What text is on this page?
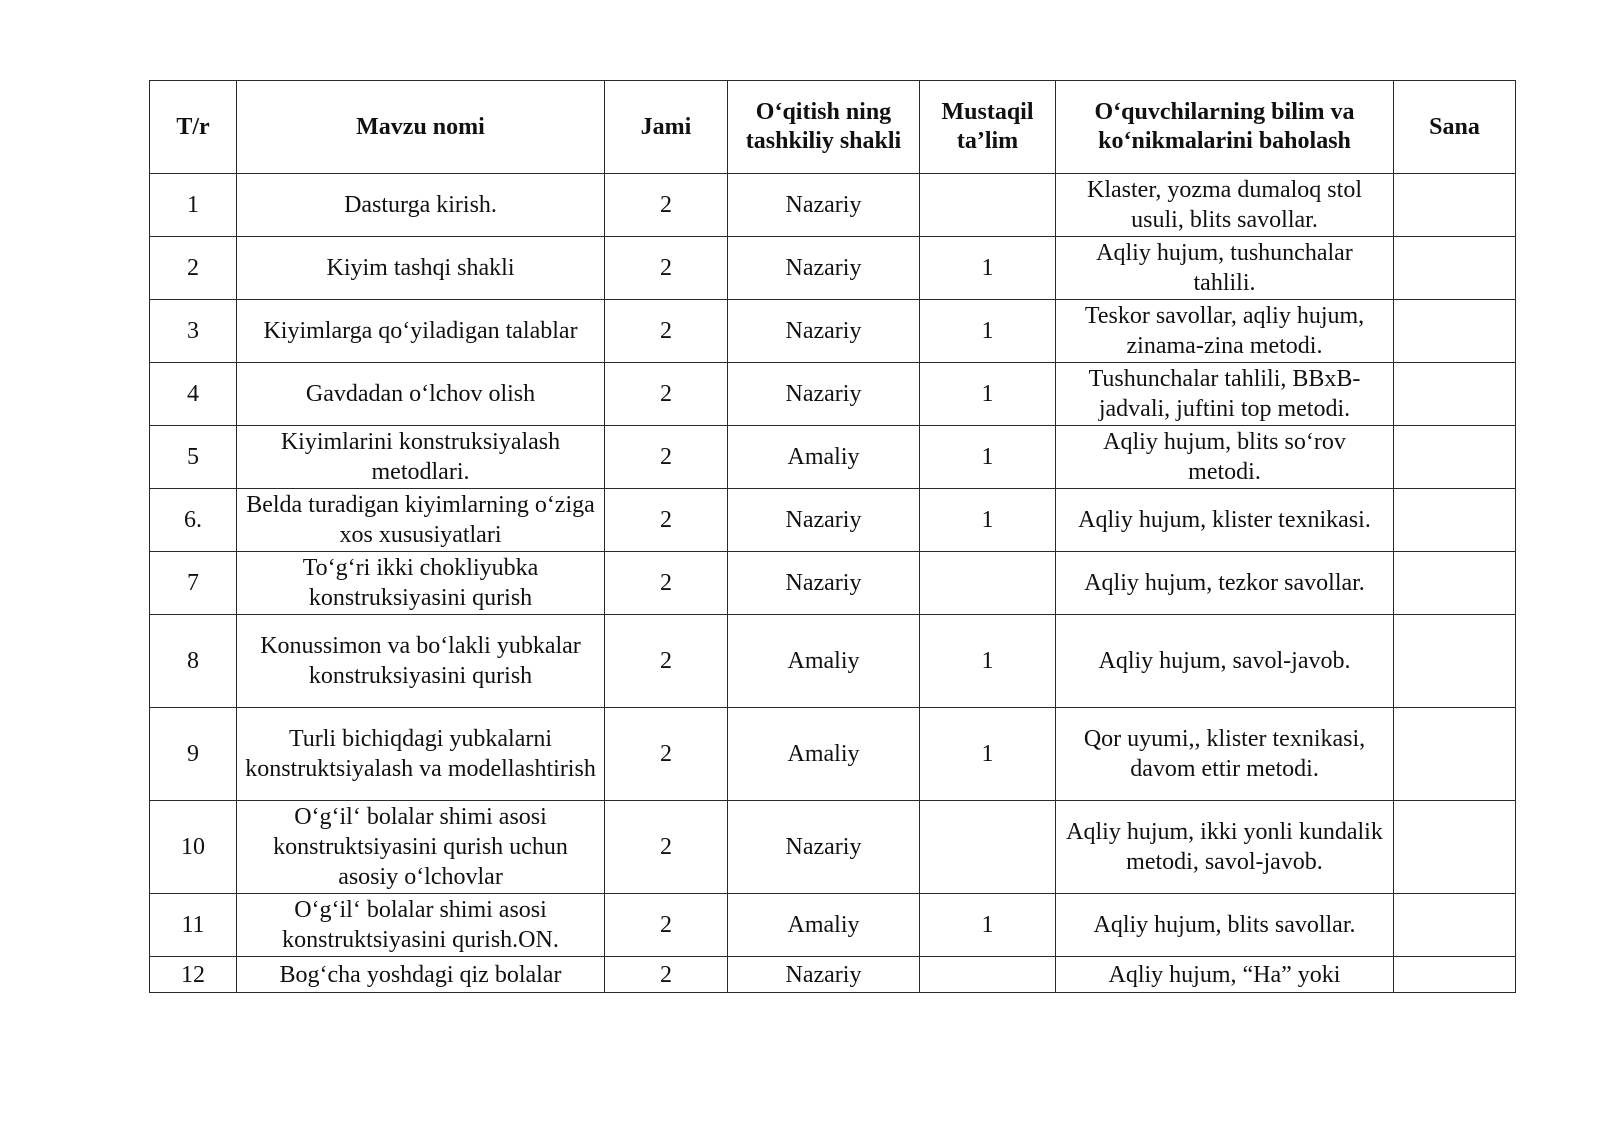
T/r	Mavzu nomi	Jami	O‘qitish ning tashkiliy shakli	Mustaqil ta’lim	O‘quvchilarning bilim va ko‘nikmalarini baholash	Sana
1	Dasturga kirish.	2	Nazariy		Klaster, yozma dumaloq stol usuli, blits savollar.	
2	Kiyim tashqi shakli	2	Nazariy	1	Aqliy hujum, tushunchalar tahlili.	
3	Kiyimlarga qo‘yiladigan talablar	2	Nazariy	1	Teskor savollar, aqliy hujum, zinama-zina metodi.	
4	Gavdadan o‘lchov olish	2	Nazariy	1	Tushunchalar tahlili, BBxB-jadvali, juftini top metodi.	
5	Kiyimlarini konstruksiyalash metodlari.	2	Amaliy	1	Aqliy hujum, blits so‘rov metodi.	
6.	Belda turadigan kiyimlarning o‘ziga xos xususiyatlari	2	Nazariy	1	Aqliy hujum, klister texnikasi.	
7	To‘g‘ri ikki chokliyubka konstruksiyasini qurish	2	Nazariy		Aqliy hujum, tezkor savollar.	
8	Konussimon va bo‘lakli yubkalar konstruksiyasini qurish	2	Amaliy	1	Aqliy hujum, savol-javob.	
9	Turli bichiqdagi yubkalarni konstruktsiyalash va modellashtirish	2	Amaliy	1	Qor uyumi,, klister texnikasi, davom ettir metodi.	
10	O‘g‘il‘ bolalar shimi asosi konstruktsiyasini qurish uchun asosiy o‘lchovlar	2	Nazariy		Aqliy hujum, ikki yonli kundalik metodi, savol-javob.	
11	O‘g‘il‘ bolalar shimi asosi konstruktsiyasini qurish.ON.	2	Amaliy	1	Aqliy hujum, blits savollar.	
12	Bog‘cha yoshdagi qiz bolalar	2	Nazariy		Aqliy hujum, “Ha” yoki	
